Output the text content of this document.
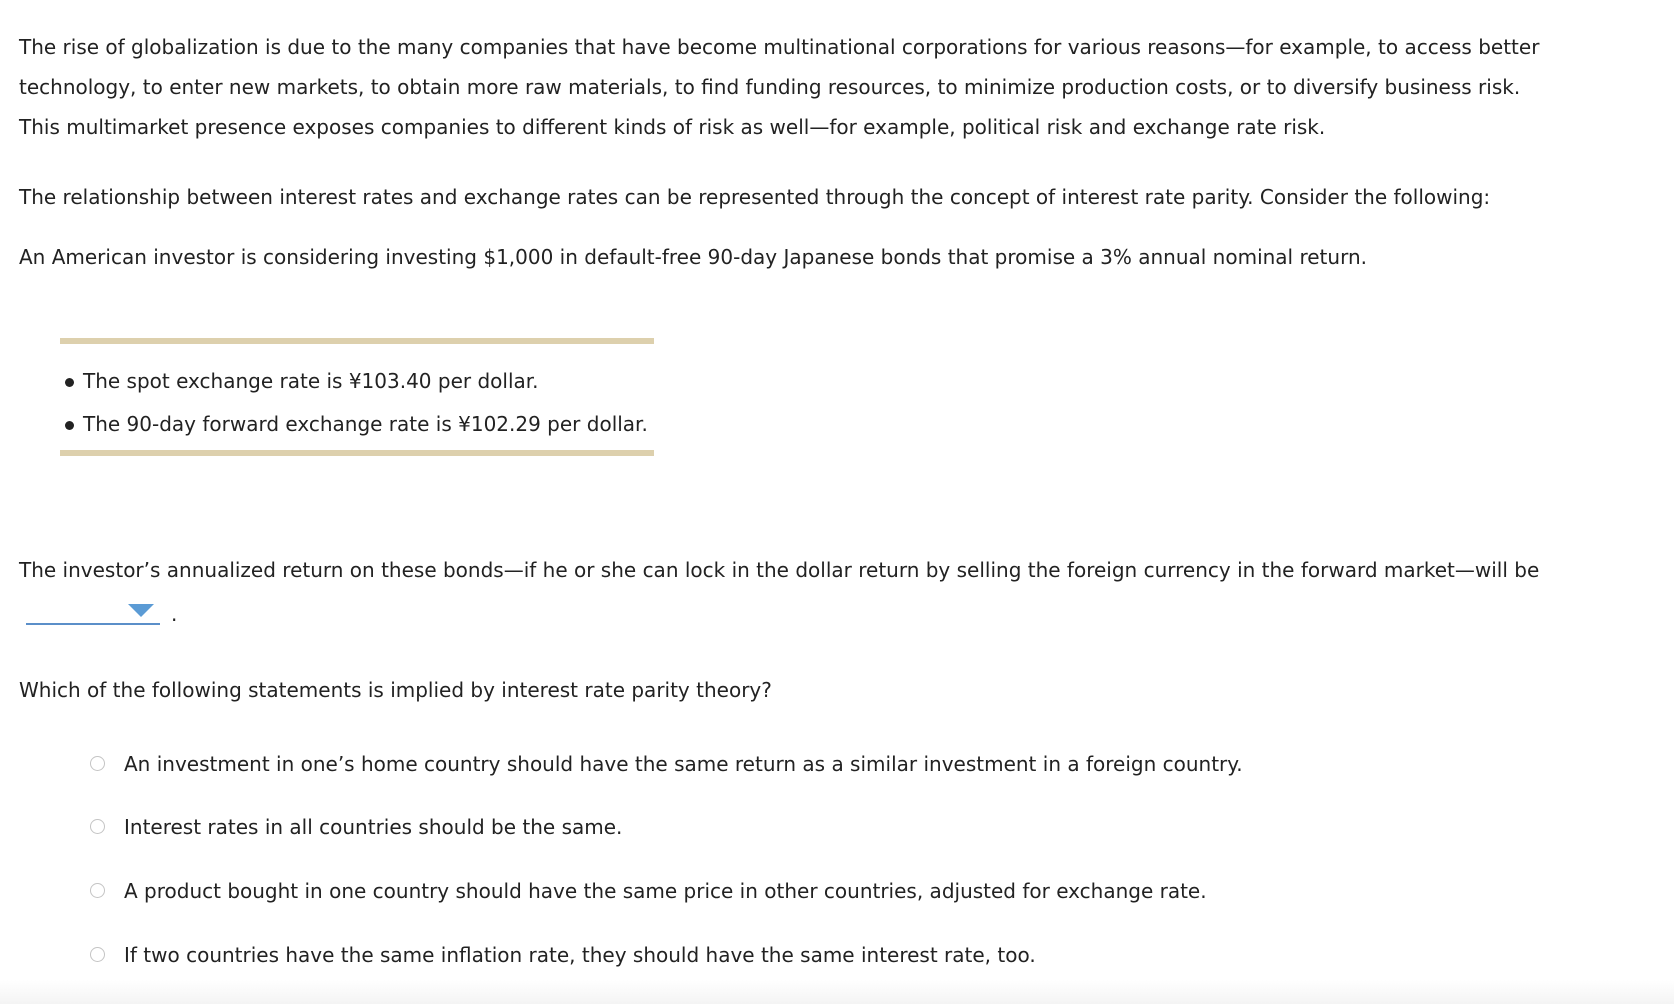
The rise of globalization is due to the many companies that have become multinational corporations for various reasons—for example, to access better
technology, to enter new markets, to obtain more raw materials, to find funding resources, to minimize production costs, or to diversify business risk.
This multimarket presence exposes companies to different kinds of risk as well—for example, political risk and exchange rate risk.

The relationship between interest rates and exchange rates can be represented through the concept of interest rate parity. Consider the following:

An American investor is considering investing $1,000 in default-free 90-day Japanese bonds that promise a 3% annual nominal return.

The spot exchange rate is ¥103.40 per dollar.
The 90-day forward exchange rate is ¥102.29 per dollar.

The investor’s annualized return on these bonds—if he or she can lock in the dollar return by selling the foreign currency in the forward market—will be

.

Which of the following statements is implied by interest rate parity theory?

An investment in one’s home country should have the same return as a similar investment in a foreign country.
Interest rates in all countries should be the same.
A product bought in one country should have the same price in other countries, adjusted for exchange rate.
If two countries have the same inflation rate, they should have the same interest rate, too.
